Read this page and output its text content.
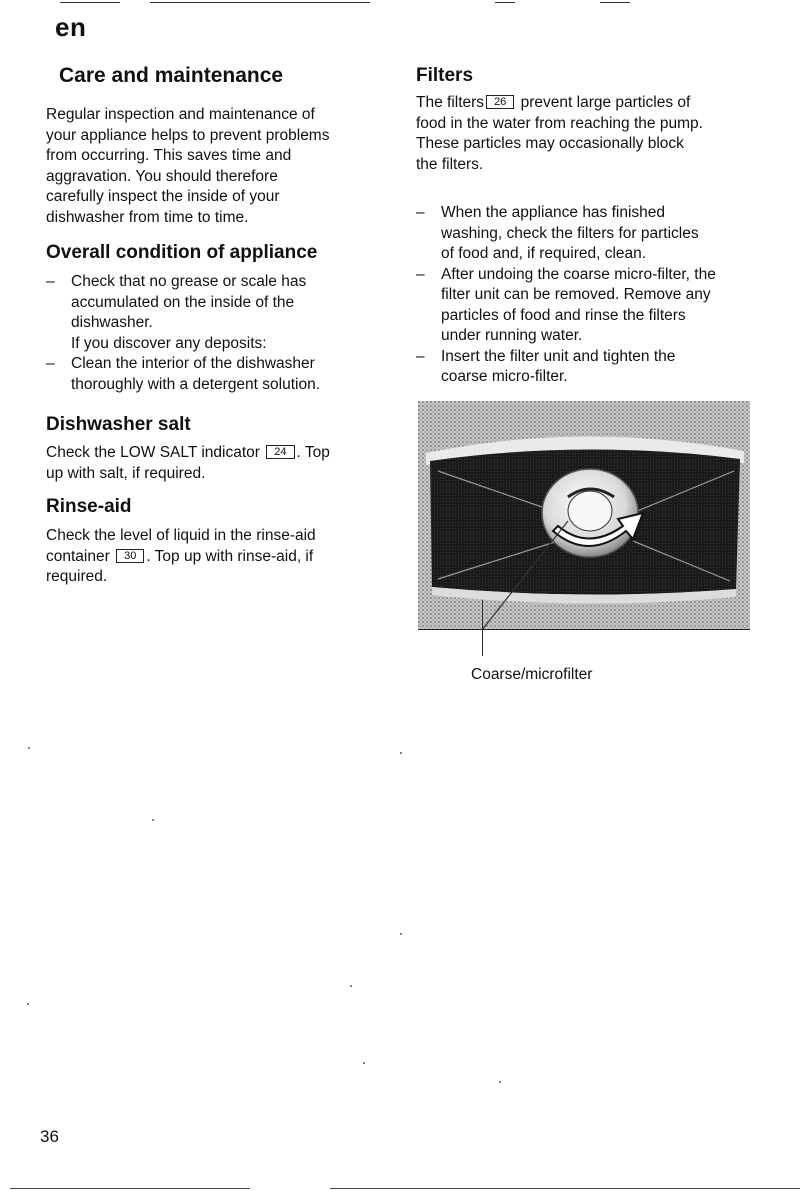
en
Care and maintenance
Regular inspection and maintenance of
your appliance helps to prevent problems
from occurring. This saves time and
aggravation. You should therefore
carefully inspect the inside of your
dishwasher from time to time.
Overall condition of appliance
– Check that no grease or scale has
accumulated on the inside of the
dishwasher.
If you discover any deposits:
– Clean the interior of the dishwasher
thoroughly with a detergent solution.
Dishwasher salt
Check the LOW SALT indicator 24 . Top
up with salt, if required.
Rinse-aid
Check the level of liquid in the rinse-aid
container 30 . Top up with rinse-aid, if
required.
Filters
The filters 26 prevent large particles of
food in the water from reaching the pump.
These particles may occasionally block
the filters.
– When the appliance has finished
washing, check the filters for particles
of food and, if required, clean.
– After undoing the coarse micro-filter, the
filter unit can be removed. Remove any
particles of food and rinse the filters
under running water.
– Insert the filter unit and tighten the
coarse micro-filter.
Coarse/microfilter
36
